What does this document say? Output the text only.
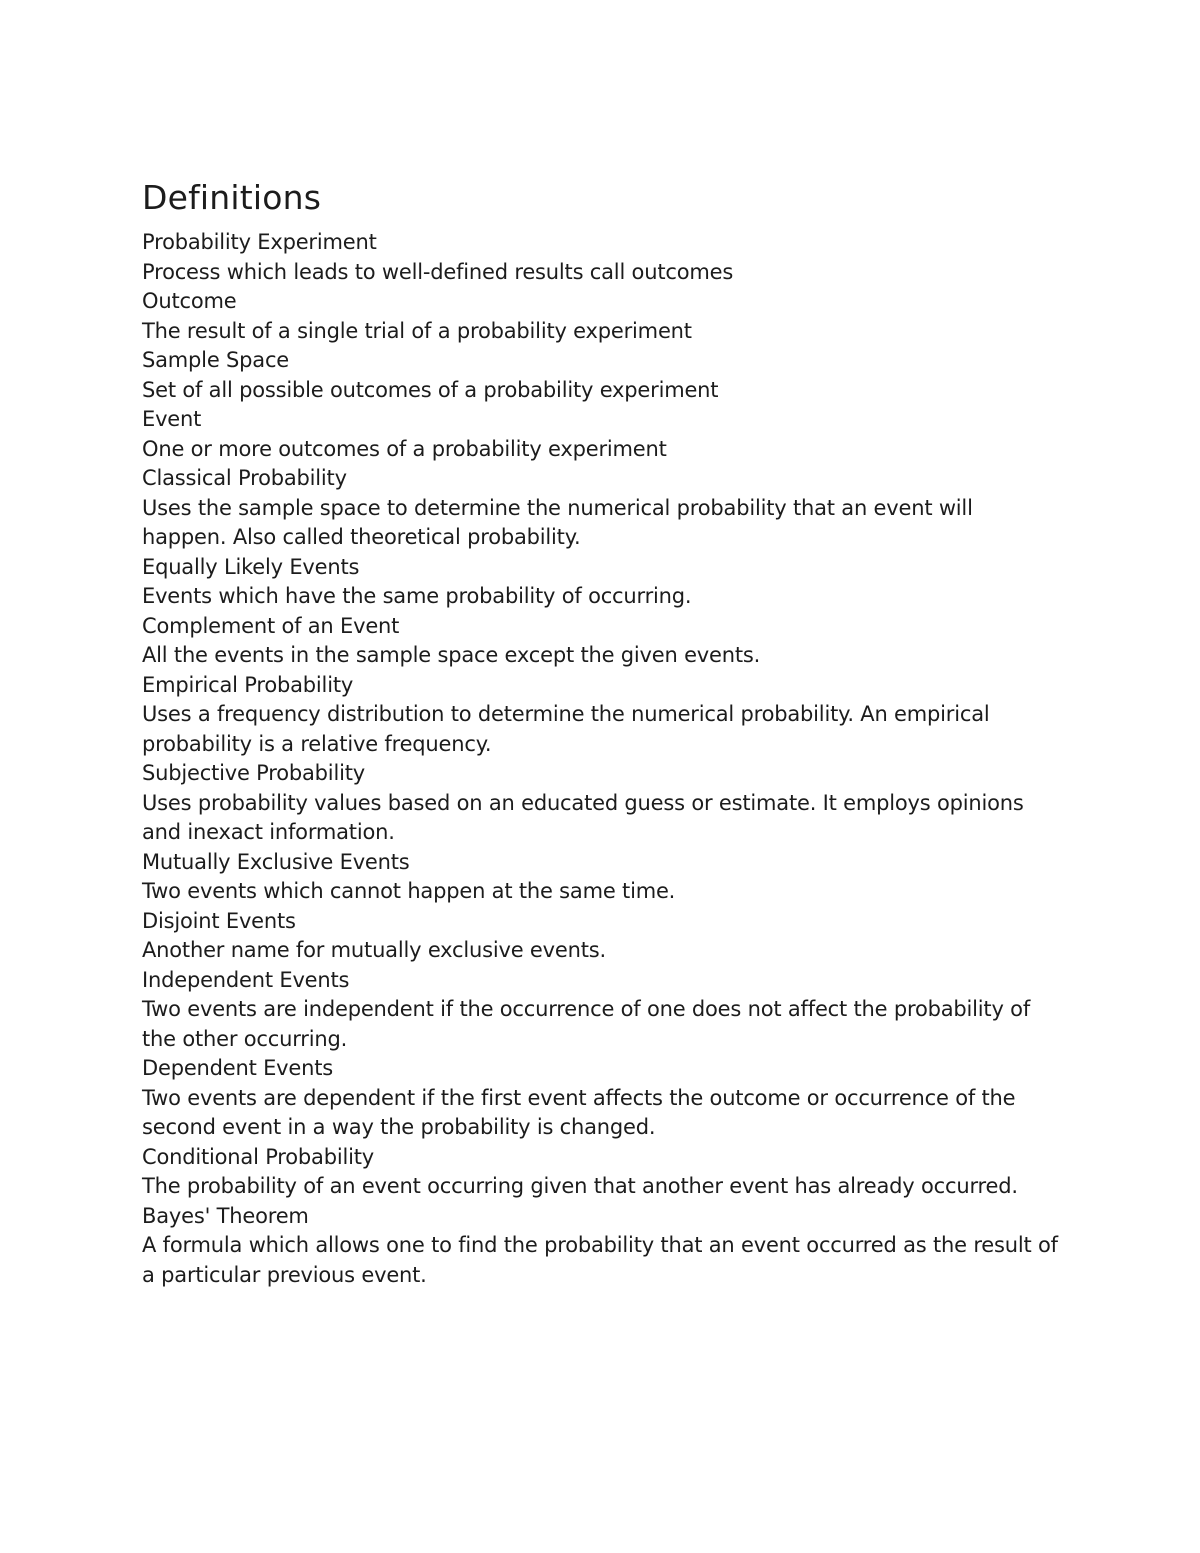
Definitions

Probability Experiment

Process which leads to well-defined results call outcomes

Outcome

The result of a single trial of a probability experiment

Sample Space

Set of all possible outcomes of a probability experiment

Event

One or more outcomes of a probability experiment

Classical Probability

Uses the sample space to determine the numerical probability that an event will happen. Also called theoretical probability.

Equally Likely Events

Events which have the same probability of occurring.

Complement of an Event

All the events in the sample space except the given events.

Empirical Probability

Uses a frequency distribution to determine the numerical probability. An empirical probability is a relative frequency.

Subjective Probability

Uses probability values based on an educated guess or estimate. It employs opinions and inexact information.

Mutually Exclusive Events

Two events which cannot happen at the same time.

Disjoint Events

Another name for mutually exclusive events.

Independent Events

Two events are independent if the occurrence of one does not affect the probability of the other occurring.

Dependent Events

Two events are dependent if the first event affects the outcome or occurrence of the second event in a way the probability is changed.

Conditional Probability

The probability of an event occurring given that another event has already occurred.

Bayes' Theorem

A formula which allows one to find the probability that an event occurred as the result of a particular previous event.
